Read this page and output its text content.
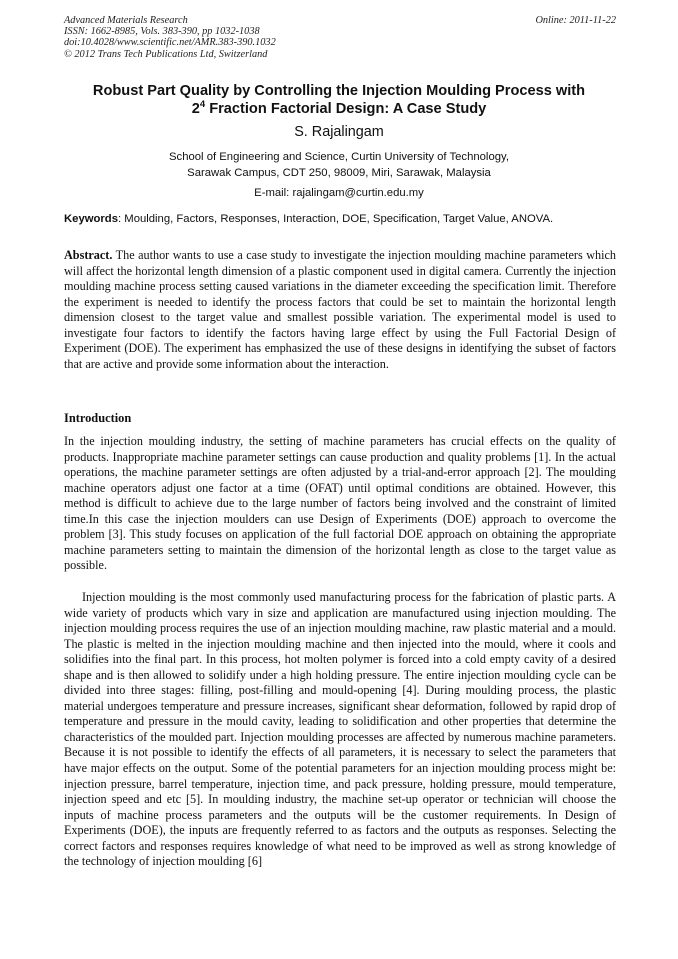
Advanced Materials Research
ISSN: 1662-8985, Vols. 383-390, pp 1032-1038
doi:10.4028/www.scientific.net/AMR.383-390.1032
© 2012 Trans Tech Publications Ltd, Switzerland
Online: 2011-11-22
Robust Part Quality by Controlling the Injection Moulding Process with
$2^4$ Fraction Factorial Design: A Case Study
S. Rajalingam
School of Engineering and Science, Curtin University of Technology,
Sarawak Campus, CDT 250, 98009, Miri, Sarawak, Malaysia
E-mail: rajalingam@curtin.edu.my
Keywords: Moulding, Factors, Responses, Interaction, DOE, Specification, Target Value, ANOVA.
Abstract. The author wants to use a case study to investigate the injection moulding machine parameters which will affect the horizontal length dimension of a plastic component used in digital camera. Currently the injection moulding machine process setting caused variations in the diameter exceeding the specification limit. Therefore the experiment is needed to identify the process factors that could be set to maintain the horizontal length dimension closest to the target value and smallest possible variation. The experimental model is used to investigate four factors to identify the factors having large effect by using the Full Factorial Design of Experiment (DOE). The experiment has emphasized the use of these designs in identifying the subset of factors that are active and provide some information about the interaction.
Introduction
In the injection moulding industry, the setting of machine parameters has crucial effects on the quality of products. Inappropriate machine parameter settings can cause production and quality problems [1]. In the actual operations, the machine parameter settings are often adjusted by a trial-and-error approach [2]. The moulding machine operators adjust one factor at a time (OFAT) until optimal conditions are obtained. However, this method is difficult to achieve due to the large number of factors being involved and the constraint of limited time.In this case the injection moulders can use Design of Experiments (DOE) approach to overcome the problem [3]. This study focuses on application of the full factorial DOE approach on obtaining the appropriate machine parameters setting to maintain the dimension of the horizontal length as close to the target value as possible.
Injection moulding is the most commonly used manufacturing process for the fabrication of plastic parts. A wide variety of products which vary in size and application are manufactured using injection moulding. The injection moulding process requires the use of an injection moulding machine, raw plastic material and a mould. The plastic is melted in the injection moulding machine and then injected into the mould, where it cools and solidifies into the final part. In this process, hot molten polymer is forced into a cold empty cavity of a desired shape and is then allowed to solidify under a high holding pressure. The entire injection moulding cycle can be divided into three stages: filling, post-filling and mould-opening [4]. During moulding process, the plastic material undergoes temperature and pressure increases, significant shear deformation, followed by rapid drop of temperature and pressure in the mould cavity, leading to solidification and other properties that determine the characteristics of the moulded part. Injection moulding processes are affected by numerous machine parameters. Because it is not possible to identify the effects of all parameters, it is necessary to select the parameters that have major effects on the output. Some of the potential parameters for an injection moulding process might be: injection pressure, barrel temperature, injection time, and pack pressure, holding pressure, mould temperature, injection speed and etc [5]. In moulding industry, the machine set-up operator or technician will choose the inputs of machine process parameters and the outputs will be the customer requirements. In Design of Experiments (DOE), the inputs are frequently referred to as factors and the outputs as responses. Selecting the correct factors and responses requires knowledge of what need to be improved as well as strong knowledge of the technology of injection moulding [6]
